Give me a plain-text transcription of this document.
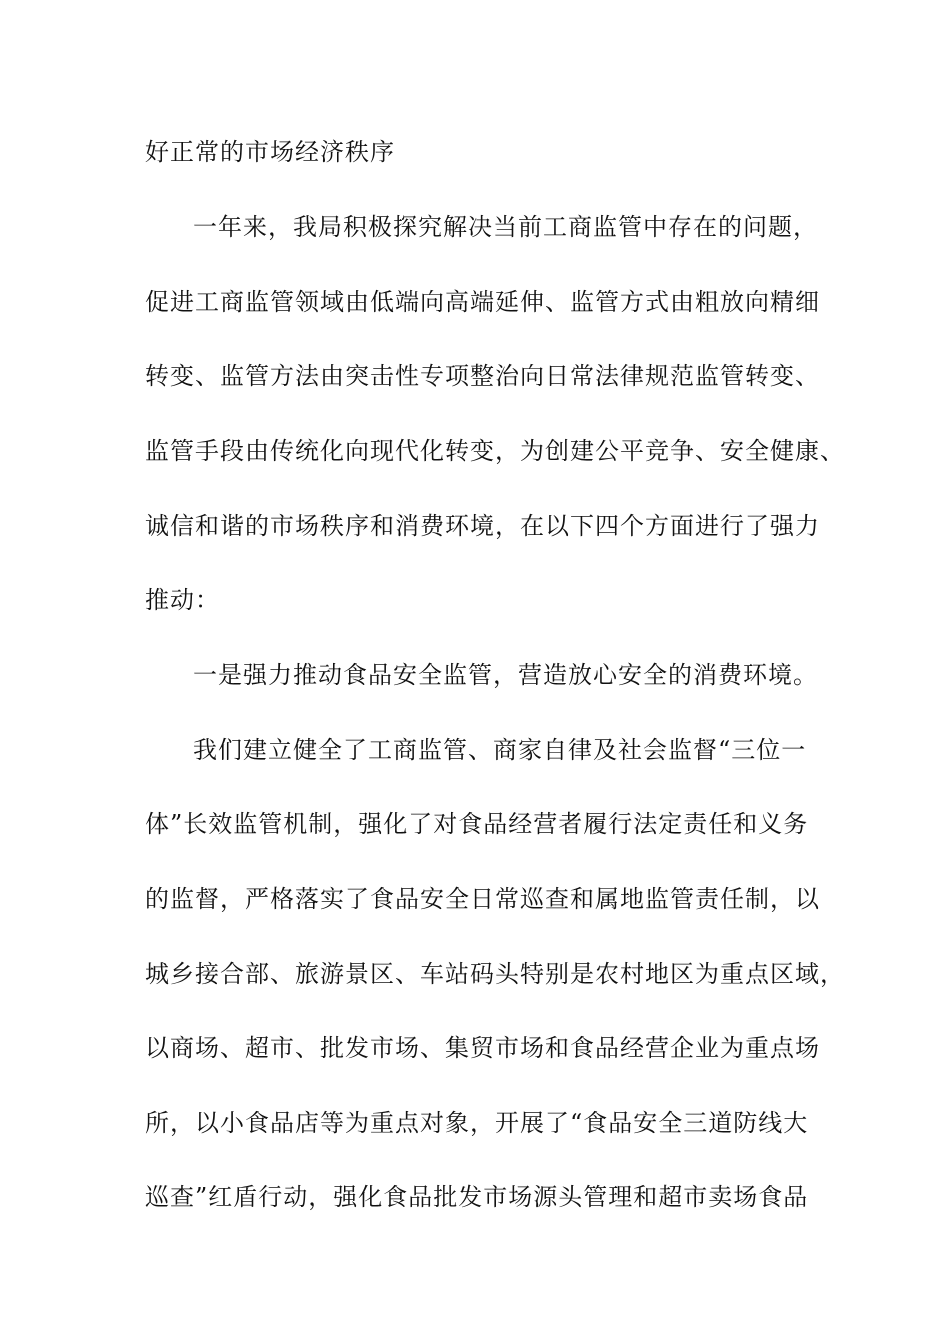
好正常的市场经济秩序
一年来，我局积极探究解决当前工商监管中存在的问题，
促进工商监管领域由低端向高端延伸、监管方式由粗放向精细
转变、监管方法由突击性专项整治向日常法律规范监管转变、
监管手段由传统化向现代化转变，为创建公平竞争、安全健康、
诚信和谐的市场秩序和消费环境，在以下四个方面进行了强力
推动：
一是强力推动食品安全监管，营造放心安全的消费环境。
我们建立健全了工商监管、商家自律及社会监督“三位一
体”长效监管机制，强化了对食品经营者履行法定责任和义务
的监督，严格落实了食品安全日常巡查和属地监管责任制，以
城乡接合部、旅游景区、车站码头特别是农村地区为重点区域，
以商场、超市、批发市场、集贸市场和食品经营企业为重点场
所，以小食品店等为重点对象，开展了“食品安全三道防线大
巡查”红盾行动，强化食品批发市场源头管理和超市卖场食品
